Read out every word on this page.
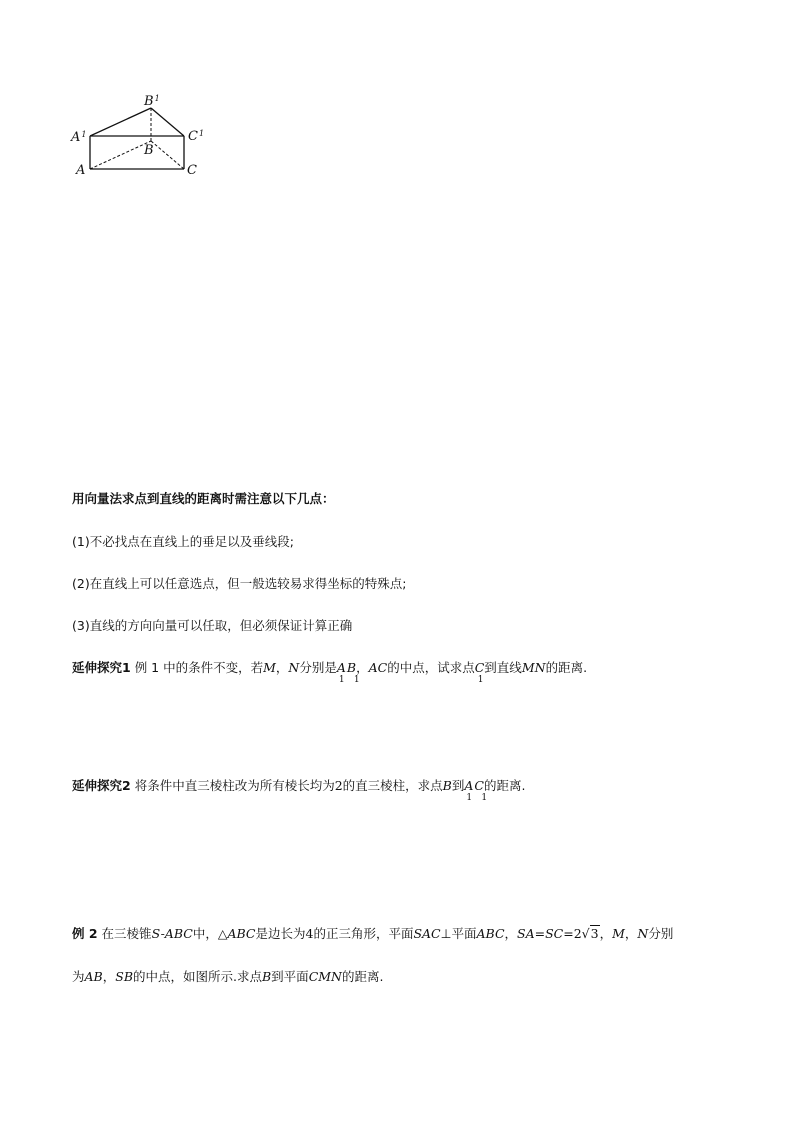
$B^1$
$A^1$	$C^1$
B
A	C
用向量法求点到直线的距离时需注意以下几点：
(1)不必找点在直线上的垂足以及垂线段;
(2)在直线上可以任意选点，但一般选较易求得坐标的特殊点;
(3)直线的方向向量可以任取，但必须保证计算正确
延伸探究1 例 1 中的条件不变，若M，N分别是A
1
B
1
，AC的中点，试求点C
1
到直线MN的距离.
延伸探究2 将条件中直三棱柱改为所有棱长均为2的直三棱柱，求点B到A
1
C
1
的距离.
例 2 在三棱锥S-ABC中，△ABC是边长为4的正三角形，平面SAC⊥平面ABC，SA=SC=2√3，M，N分别
为AB，SB的中点，如图所示.求点B到平面CMN的距离.
